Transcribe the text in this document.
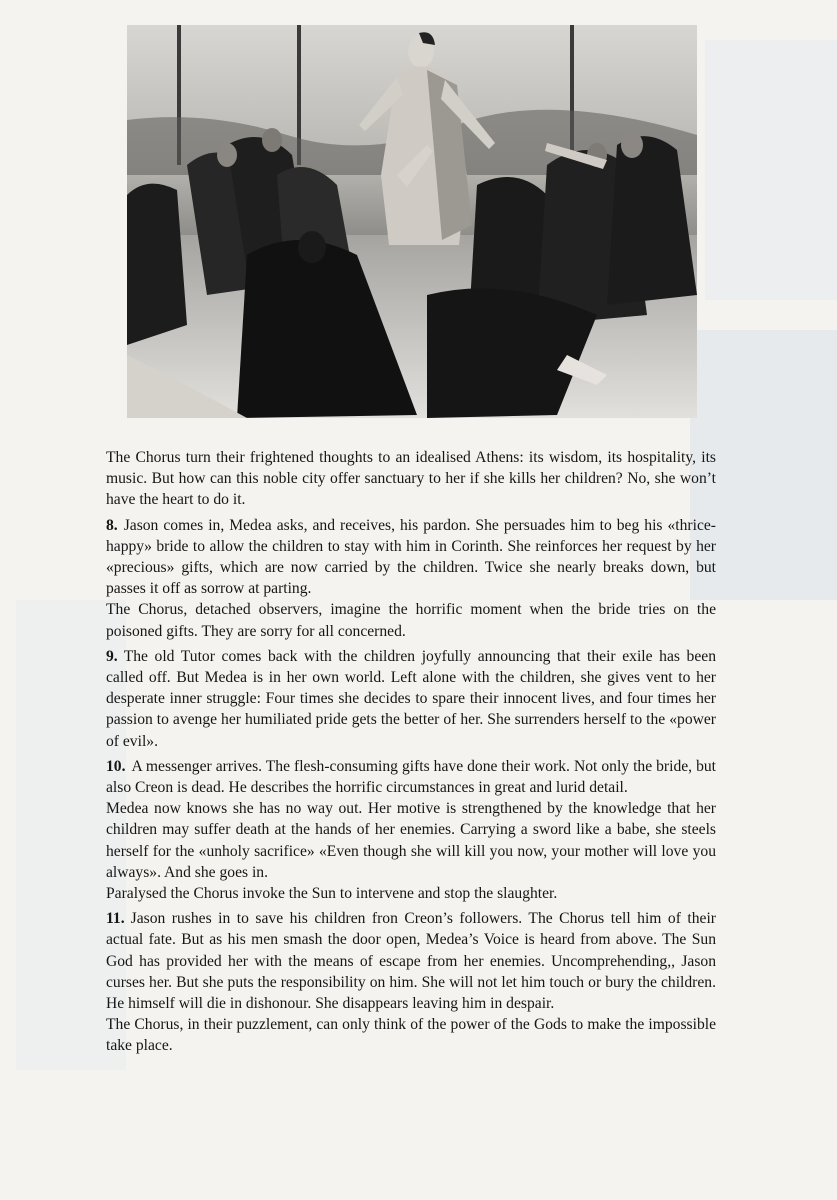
The Chorus turn their frightened thoughts to an idealised Athens: its wisdom, its hospitality, its music. But how can this noble city offer sanctuary to her if she kills her children? No, she won’t have the heart to do it.

8. Jason comes in, Medea asks, and receives, his pardon. She persuades him to beg his «thrice-happy» bride to allow the children to stay with him in Corinth. She reinforces her request by her «precious» gifts, which are now carried by the children. Twice she nearly breaks down, but passes it off as sorrow at parting.

The Chorus, detached observers, imagine the horrific moment when the bride tries on the poisoned gifts. They are sorry for all concerned.

9. The old Tutor comes back with the children joyfully announcing that their exile has been called off. But Medea is in her own world. Left alone with the children, she gives vent to her desperate inner struggle: Four times she decides to spare their innocent lives, and four times her passion to avenge her humiliated pride gets the better of her. She surrenders herself to the «power of evil».

10. A messenger arrives. The flesh-consuming gifts have done their work. Not only the bride, but also Creon is dead. He describes the horrific circumstances in great and lurid detail.

Medea now knows she has no way out. Her motive is strengthened by the knowledge that her children may suffer death at the hands of her enemies. Carrying a sword like a babe, she steels herself for the «unholy sacrifice» «Even though she will kill you now, your mother will love you always». And she goes in.

Paralysed the Chorus invoke the Sun to intervene and stop the slaughter.

11. Jason rushes in to save his children fron Creon’s followers. The Chorus tell him of their actual fate. But as his men smash the door open, Medea’s Voice is heard from above. The Sun God has provided her with the means of escape from her enemies. Uncomprehending,, Jason curses her. But she puts the responsibility on him. She will not let him touch or bury the children. He himself will die in dishonour. She disappears leaving him in despair.

The Chorus, in their puzzlement, can only think of the power of the Gods to make the impossible take place.
